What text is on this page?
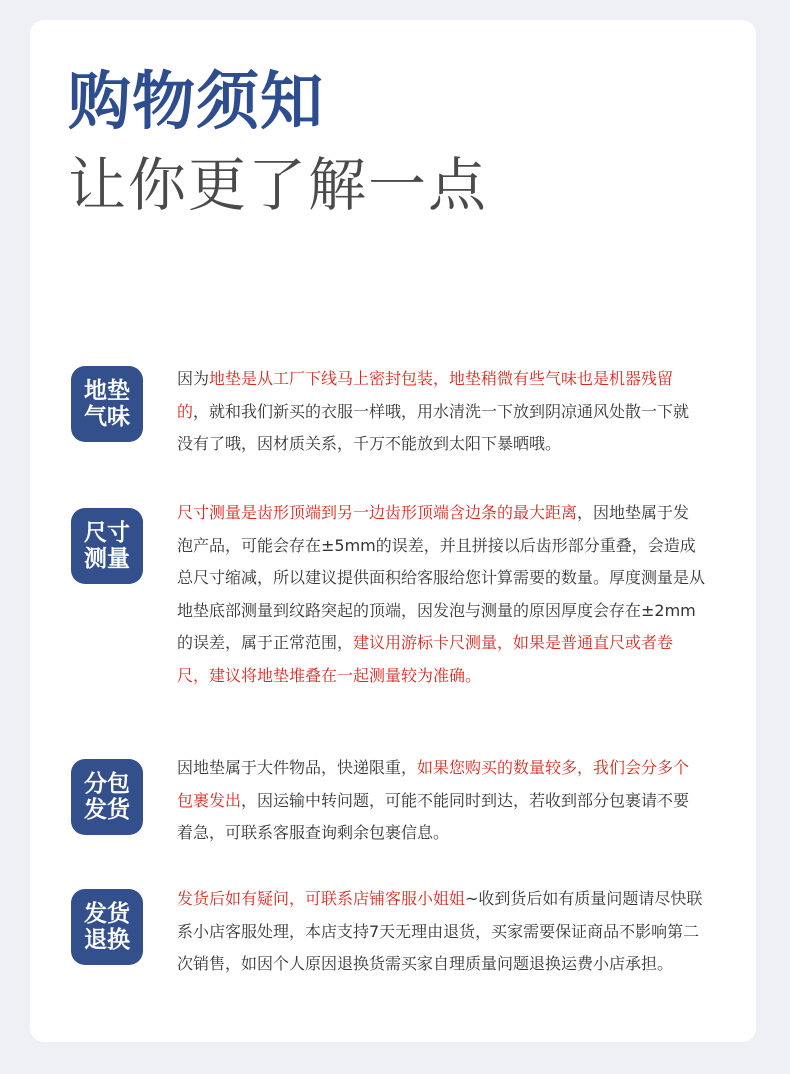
购物须知
让你更了解一点
地垫
气味

因为地垫是从工厂下线马上密封包装，地垫稍微有些气味也是机器残留的，就和我们新买的衣服一样哦，用水清洗一下放到阴凉通风处散一下就没有了哦，因材质关系，千万不能放到太阳下暴晒哦。

尺寸
测量

尺寸测量是齿形顶端到另一边齿形顶端含边条的最大距离，因地垫属于发泡产品，可能会存在±5mm的误差，并且拼接以后齿形部分重叠，会造成总尺寸缩减，所以建议提供面积给客服给您计算需要的数量。厚度测量是从地垫底部测量到纹路突起的顶端，因发泡与测量的原因厚度会存在±2mm的误差，属于正常范围，建议用游标卡尺测量，如果是普通直尺或者卷尺，建议将地垫堆叠在一起测量较为准确。

分包
发货

因地垫属于大件物品，快递限重，如果您购买的数量较多，我们会分多个包裹发出，因运输中转问题，可能不能同时到达，若收到部分包裹请不要着急，可联系客服查询剩余包裹信息。

发货
退换

发货后如有疑问，可联系店铺客服小姐姐~收到货后如有质量问题请尽快联系小店客服处理，本店支持7天无理由退货，买家需要保证商品不影响第二次销售，如因个人原因退换货需买家自理质量问题退换运费小店承担。
